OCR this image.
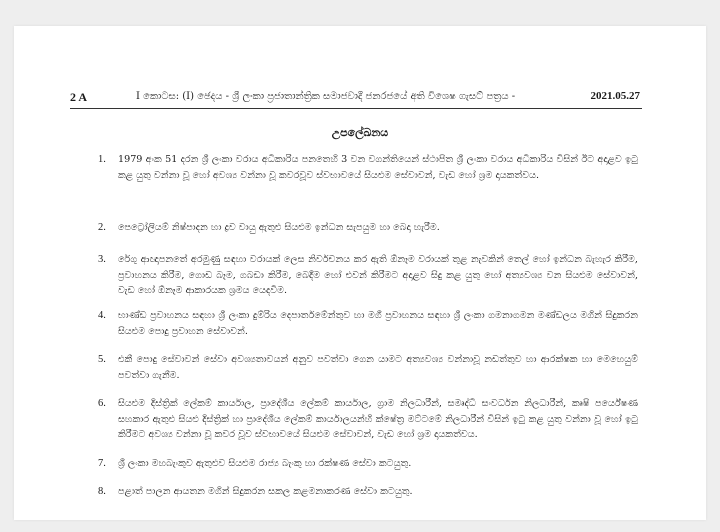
2 A	I කොටස: (I) ඡෙදය - ශ්‍රී ලංකා ප්‍රජාතාන්ත්‍රික සමාජවාදී ජනරජයේ අති විශෙෂ ගැසට් පත්‍රය -	2021.05.27
උපලේඛනය
1.	1979 අංක 51 දරන ශ්‍රී ලංකා වරාය අධිකාරිය පනතෙහි 3 වන වගන්තියෙන් ස්ථාපිත ශ්‍රී ලංකා වරාය අධිකාරිය විසින් ඊට අදාළව ඉටු කළ යුතු වන්නා වූ හෝ අවශ්‍ය වන්නා වූ කවරවූව ස්වභාවයේ සියළුම සේවාවන්, වැඩ හෝ ශ්‍රම දායකත්වය.
2.	පෙට්‍රෝලියම් නිෂ්පාදන හා ද්‍රව වායු ඇතුළු සියළුම ඉන්ධන සැපයුම හා බෙදා හැරීම.
3.	රේගු ආඥාපනතේ අරමුණු සඳහා වරායක් ලෙස නිර්වචනය කර ඇති ඕනෑම වරායක් තුළ නැවකින් තෙල් හෝ ඉන්ධන බැහැර කිරීම, ප්‍රවාහනය කිරීම, ගොඩ බෑම, ගබඩා කිරීම, බෙදීම හෝ එවන් කිරීමට අදාළව සිදු කළ යුතු හෝ අත්‍යවශ්‍ය වන සියළුම සේවාවන්, වැඩ හෝ ඕනෑම ආකාරයක ශ්‍රමය යෙදවීම.
4.	භාණ්ඩ ප්‍රවාහනය සඳහා ශ්‍රී ලංකා දුම්රිය දෙපාර්තමේන්තුව හා මගී ප්‍රවාහනය සඳහා ශ්‍රී ලංකා ගමනාගමන මණ්ඩලය මගින් සිදුකරන සියළුම පොදු ප්‍රවාහන සේවාවන්.
5.	එකී පොදු සේවාවන් සේවා අවශ්‍යතාවයන් අනුව පවත්වා ගෙන යාමට අත්‍යවශ්‍ය වන්නාවූ නඩත්තුව හා ආරක්ෂක හා මෙහෙයුම් පවත්වා ගැනීම.
6.	සියළුම දිස්ත්‍රික් ලේකම් කාර්යාල, ප්‍රාදේශීය ලේකම් කාර්යාල, ග්‍රාම නිලධාරීන්, සමෘද්ධි සංවර්ධන නිලධාරීන්, කෘෂි පර්යේෂණ සහකාර ඇතුළු සියළු දිස්ත්‍රික් හා ප්‍රාදේශීය ලේකම් කාර්යාලයන්හි ක්ෂේත්‍ර මට්ටමේ නිලධාරීන් විසින් ඉටු කළ යුතු වන්නා වූ හෝ ඉටු කිරීමට අවශ්‍ය වන්නා වූ කවර වූව ස්වභාවයේ සියළුම සේවාවන්, වැඩ හෝ ශ්‍රම දායකත්වය.
7.	ශ්‍රී ලංකා මහබැංකුව ඇතුළුව සියළුම රාජ්‍ය බැංකු හා රක්ෂණ සේවා කටයුතු.
8.	පළාත් පාලන ආයතන මගින් සිදුකරන සකල කළමනාකරණ සේවා කටයුතු.
